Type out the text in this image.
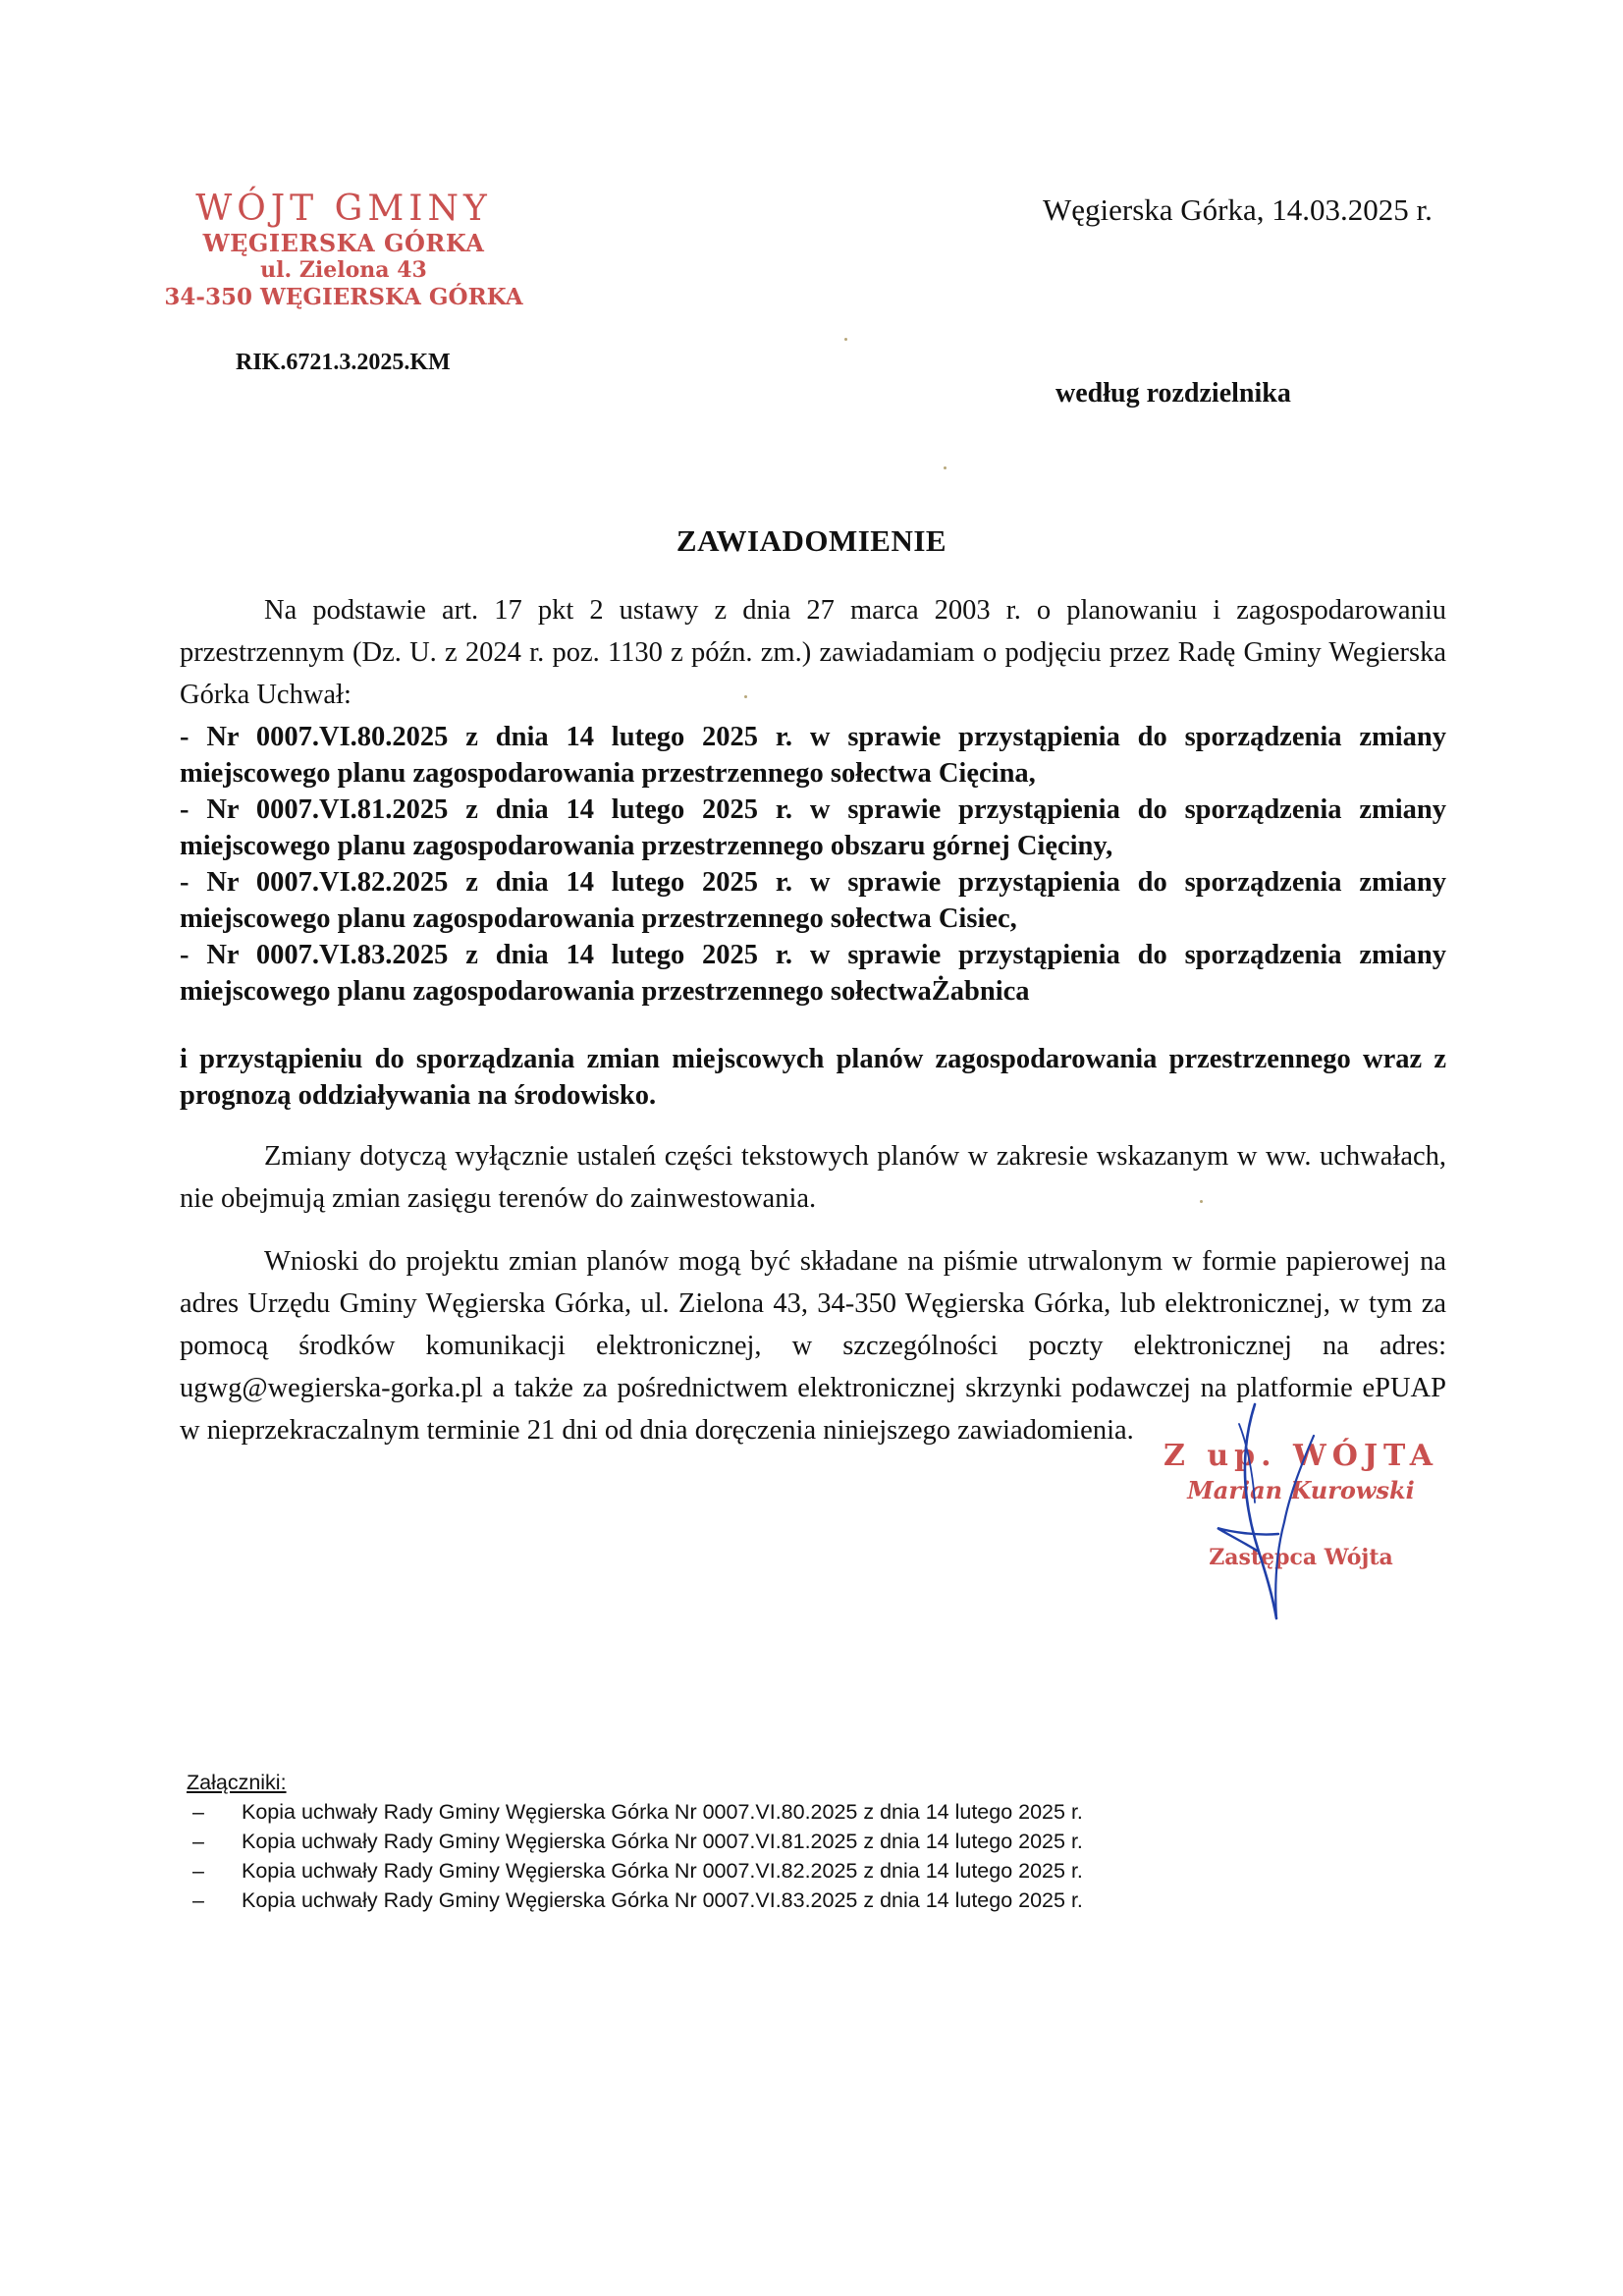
WÓJT GMINY
WĘGIERSKA GÓRKA
ul. Zielona 43
34-350 WĘGIERSKA GÓRKA
Węgierska Górka, 14.03.2025 r.
RIK.6721.3.2025.KM
według rozdzielnika
ZAWIADOMIENIE

Na podstawie art. 17 pkt 2 ustawy z dnia 27 marca 2003 r. o planowaniu i zagospodarowaniu przestrzennym (Dz. U. z 2024 r. poz. 1130 z późn. zm.) zawiadamiam o podjęciu przez Radę Gminy Wegierska Górka Uchwał:

- Nr 0007.VI.80.2025 z dnia 14 lutego 2025 r. w sprawie przystąpienia do sporządzenia zmiany miejscowego planu zagospodarowania przestrzennego sołectwa Cięcina,

- Nr 0007.VI.81.2025 z dnia 14 lutego 2025 r. w sprawie przystąpienia do sporządzenia zmiany miejscowego planu zagospodarowania przestrzennego obszaru górnej Cięciny,

- Nr 0007.VI.82.2025 z dnia 14 lutego 2025 r. w sprawie przystąpienia do sporządzenia zmiany miejscowego planu zagospodarowania przestrzennego sołectwa Cisiec,

- Nr 0007.VI.83.2025 z dnia 14 lutego 2025 r. w sprawie przystąpienia do sporządzenia zmiany miejscowego planu zagospodarowania przestrzennego sołectwaŻabnica

i przystąpieniu do sporządzania zmian miejscowych planów zagospodarowania przestrzennego wraz z prognozą oddziaływania na środowisko.

Zmiany dotyczą wyłącznie ustaleń części tekstowych planów w zakresie wskazanym w ww. uchwałach, nie obejmują zmian zasięgu terenów do zainwestowania.

Wnioski do projektu zmian planów mogą być składane na piśmie utrwalonym w formie papierowej na adres Urzędu Gminy Węgierska Górka, ul. Zielona 43, 34-350 Węgierska Górka, lub elektronicznej, w tym za pomocą środków komunikacji elektronicznej, w szczególności poczty elektronicznej na adres: ugwg@wegierska-gorka.pl a także za pośrednictwem elektronicznej skrzynki podawczej na platformie ePUAP w nieprzekraczalnym terminie 21 dni od dnia doręczenia niniejszego zawiadomienia.

Z up. WÓJTA
Marian Kurowski
Zastępca Wójta
Załączniki:
– Kopia uchwały Rady Gminy Węgierska Górka Nr 0007.VI.80.2025 z dnia 14 lutego 2025 r.
– Kopia uchwały Rady Gminy Węgierska Górka Nr 0007.VI.81.2025 z dnia 14 lutego 2025 r.
– Kopia uchwały Rady Gminy Węgierska Górka Nr 0007.VI.82.2025 z dnia 14 lutego 2025 r.
– Kopia uchwały Rady Gminy Węgierska Górka Nr 0007.VI.83.2025 z dnia 14 lutego 2025 r.
